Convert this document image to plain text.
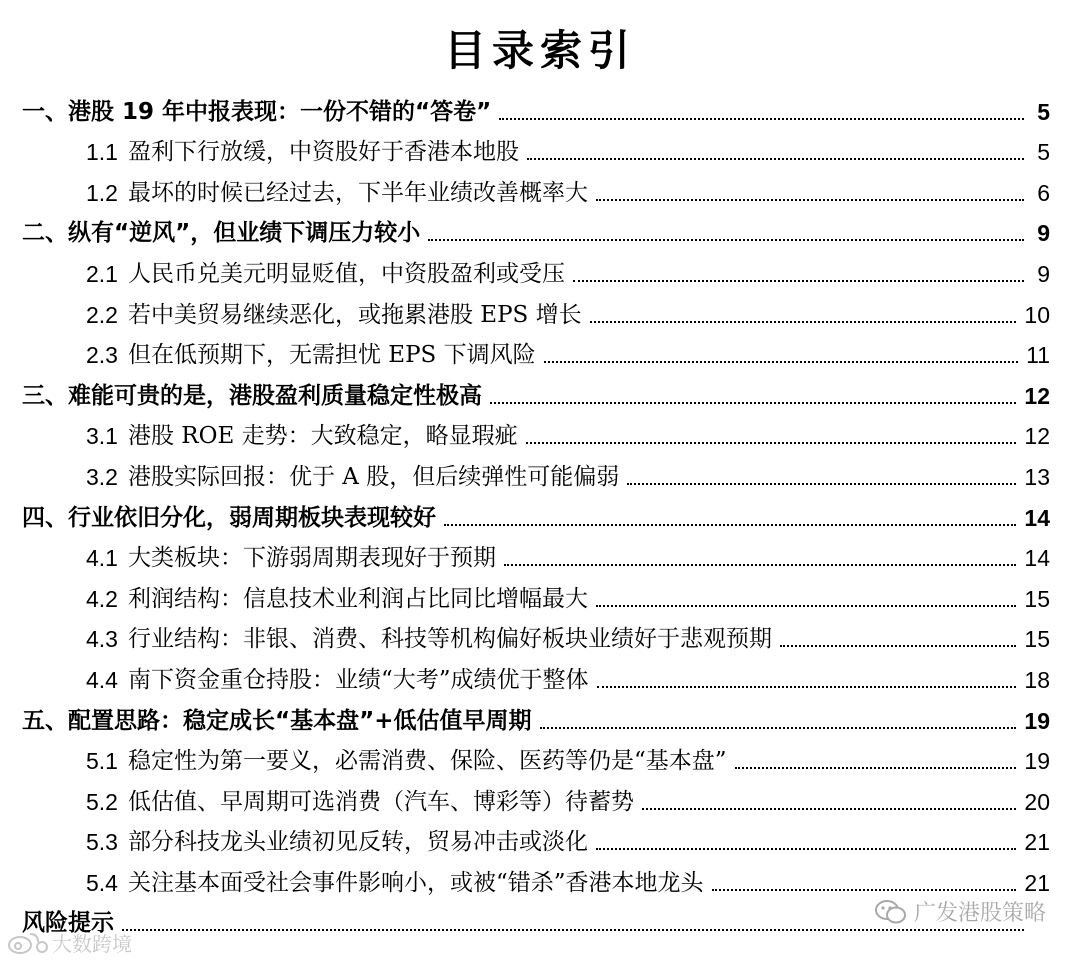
目录索引
一、港股 19 年中报表现：一份不错的“答卷”	5
1.1 盈利下行放缓，中资股好于香港本地股	5
1.2 最坏的时候已经过去，下半年业绩改善概率大	6
二、纵有“逆风”，但业绩下调压力较小	9
2.1 人民币兑美元明显贬值，中资股盈利或受压	9
2.2 若中美贸易继续恶化，或拖累港股 EPS 增长	10
2.3 但在低预期下，无需担忧 EPS 下调风险	11
三、难能可贵的是，港股盈利质量稳定性极高	12
3.1 港股 ROE 走势：大致稳定，略显瑕疵	12
3.2 港股实际回报：优于 A 股，但后续弹性可能偏弱	13
四、行业依旧分化，弱周期板块表现较好	14
4.1 大类板块：下游弱周期表现好于预期	14
4.2 利润结构：信息技术业利润占比同比增幅最大	15
4.3 行业结构：非银、消费、科技等机构偏好板块业绩好于悲观预期	15
4.4 南下资金重仓持股：业绩“大考”成绩优于整体	18
五、配置思路：稳定成长“基本盘”+低估值早周期	19
5.1 稳定性为第一要义，必需消费、保险、医药等仍是“基本盘”	19
5.2 低估值、早周期可选消费（汽车、博彩等）待蓄势	20
5.3 部分科技龙头业绩初见反转，贸易冲击或淡化	21
5.4 关注基本面受社会事件影响小，或被“错杀”香港本地龙头	21
风险提示	广发港股策略
大数跨境
